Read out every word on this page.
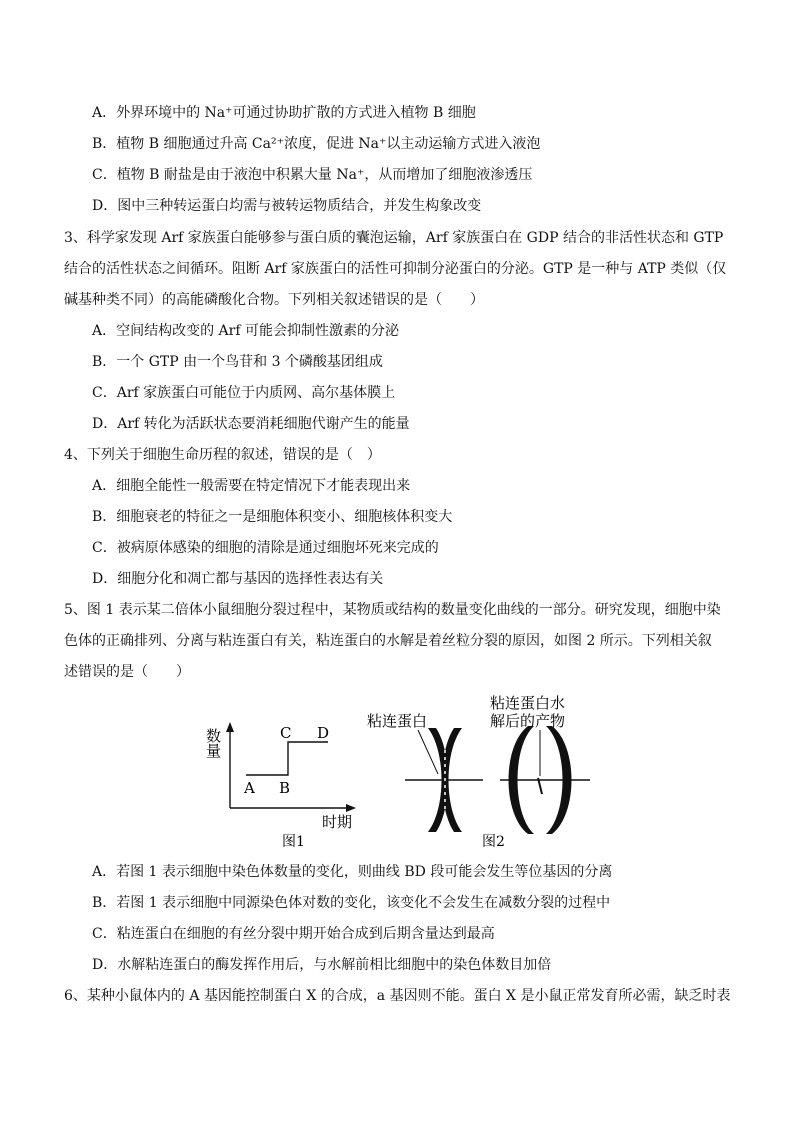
A．外界环境中的 Na⁺可通过协助扩散的方式进入植物 B 细胞
B．植物 B 细胞通过升高 Ca²⁺浓度，促进 Na⁺以主动运输方式进入液泡
C．植物 B 耐盐是由于液泡中积累大量 Na⁺，从而增加了细胞液渗透压
D．图中三种转运蛋白均需与被转运物质结合，并发生构象改变
3、科学家发现 Arf 家族蛋白能够参与蛋白质的囊泡运输，Arf 家族蛋白在 GDP 结合的非活性状态和 GTP
结合的活性状态之间循环。阻断 Arf 家族蛋白的活性可抑制分泌蛋白的分泌。GTP 是一种与 ATP 类似（仅
碱基种类不同）的高能磷酸化合物。下列相关叙述错误的是（　　）
A．空间结构改变的 Arf 可能会抑制性激素的分泌
B．一个 GTP 由一个鸟苷和 3 个磷酸基团组成
C．Arf 家族蛋白可能位于内质网、高尔基体膜上
D．Arf 转化为活跃状态要消耗细胞代谢产生的能量
4、下列关于细胞生命历程的叙述，错误的是（　）
A．细胞全能性一般需要在特定情况下才能表现出来
B．细胞衰老的特征之一是细胞体积变小、细胞核体积变大
C．被病原体感染的细胞的清除是通过细胞坏死来完成的
D．细胞分化和凋亡都与基因的选择性表达有关
5、图 1 表示某二倍体小鼠细胞分裂过程中，某物质或结构的数量变化曲线的一部分。研究发现，细胞中染
色体的正确排列、分离与粘连蛋白有关，粘连蛋白的水解是着丝粒分裂的原因，如图 2 所示。下列相关叙
述错误的是（　　）
数量
时期
A B
C D
图1
粘连蛋白
粘连蛋白水
解后的产物
图2
A．若图 1 表示细胞中染色体数量的变化，则曲线 BD 段可能会发生等位基因的分离
B．若图 1 表示细胞中同源染色体对数的变化，该变化不会发生在减数分裂的过程中
C．粘连蛋白在细胞的有丝分裂中期开始合成到后期含量达到最高
D．水解粘连蛋白的酶发挥作用后，与水解前相比细胞中的染色体数目加倍
6、某种小鼠体内的 A 基因能控制蛋白 X 的合成，a 基因则不能。蛋白 X 是小鼠正常发育所必需，缺乏时表
